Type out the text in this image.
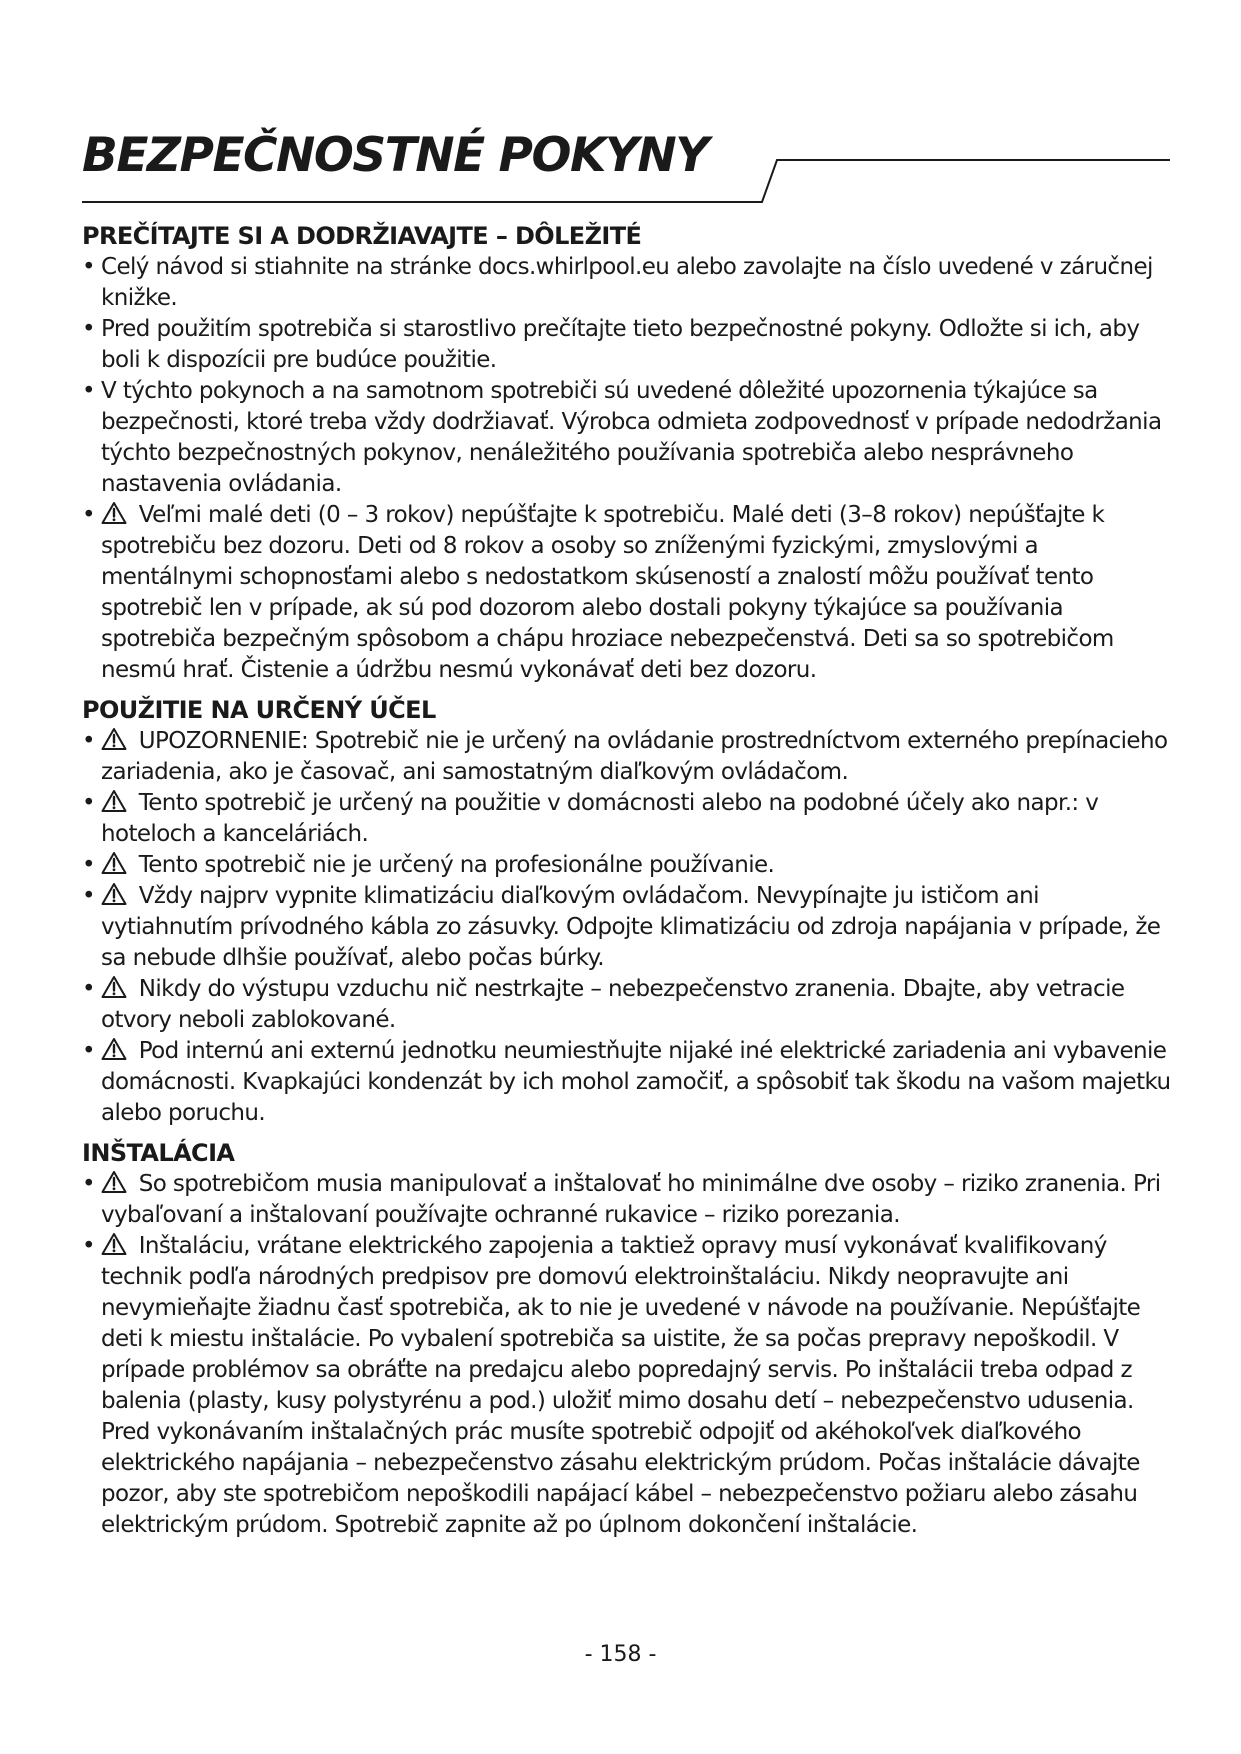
BEZPEČNOSTNÉ POKYNY
PREČÍTAJTE SI A DODRŽIAVAJTE – DÔLEŽITÉ
• Celý návod si stiahnite na stránke docs.whirlpool.eu alebo zavolajte na číslo uvedené v záručnej knižke.
• Pred použitím spotrebiča si starostlivo prečítajte tieto bezpečnostné pokyny. Odložte si ich, aby boli k dispozícii pre budúce použitie.
• V týchto pokynoch a na samotnom spotrebiči sú uvedené dôležité upozornenia týkajúce sa bezpečnosti, ktoré treba vždy dodržiavať. Výrobca odmieta zodpovednosť v prípade nedodržania týchto bezpečnostných pokynov, nenáležitého používania spotrebiča alebo nesprávneho nastavenia ovládania.
• Veľmi malé deti (0 – 3 rokov) nepúšťajte k spotrebiču. Malé deti (3–8 rokov) nepúšťajte k spotrebiču bez dozoru. Deti od 8 rokov a osoby so zníženými fyzickými, zmyslovými a mentálnymi schopnosťami alebo s nedostatkom skúseností a znalostí môžu používať tento spotrebič len v prípade, ak sú pod dozorom alebo dostali pokyny týkajúce sa používania spotrebiča bezpečným spôsobom a chápu hroziace nebezpečenstvá. Deti sa so spotrebičom nesmú hrať. Čistenie a údržbu nesmú vykonávať deti bez dozoru.
POUŽITIE NA URČENÝ ÚČEL
• UPOZORNENIE: Spotrebič nie je určený na ovládanie prostredníctvom externého prepínacieho zariadenia, ako je časovač, ani samostatným diaľkovým ovládačom.
• Tento spotrebič je určený na použitie v domácnosti alebo na podobné účely ako napr.: v hoteloch a kanceláriách.
• Tento spotrebič nie je určený na profesionálne používanie.
• Vždy najprv vypnite klimatizáciu diaľkovým ovládačom. Nevypínajte ju ističom ani vytiahnutím prívodného kábla zo zásuvky. Odpojte klimatizáciu od zdroja napájania v prípade, že sa nebude dlhšie používať, alebo počas búrky.
• Nikdy do výstupu vzduchu nič nestrkajte – nebezpečenstvo zranenia. Dbajte, aby vetracie otvory neboli zablokované.
• Pod internú ani externú jednotku neumiestňujte nijaké iné elektrické zariadenia ani vybavenie domácnosti. Kvapkajúci kondenzát by ich mohol zamočiť, a spôsobiť tak škodu na vašom majetku alebo poruchu.
INŠTALÁCIA
• So spotrebičom musia manipulovať a inštalovať ho minimálne dve osoby – riziko zranenia. Pri vybaľovaní a inštalovaní používajte ochranné rukavice – riziko porezania.
• Inštaláciu, vrátane elektrického zapojenia a taktiež opravy musí vykonávať kvalifikovaný technik podľa národných predpisov pre domovú elektroinštaláciu. Nikdy neopravujte ani nevymieňajte žiadnu časť spotrebiča, ak to nie je uvedené v návode na používanie. Nepúšťajte deti k miestu inštalácie. Po vybalení spotrebiča sa uistite, že sa počas prepravy nepoškodil. V prípade problémov sa obráťte na predajcu alebo popredajný servis. Po inštalácii treba odpad z balenia (plasty, kusy polystyrénu a pod.) uložiť mimo dosahu detí – nebezpečenstvo udusenia. Pred vykonávaním inštalačných prác musíte spotrebič odpojiť od akéhokoľvek diaľkového elektrického napájania – nebezpečenstvo zásahu elektrickým prúdom. Počas inštalácie dávajte pozor, aby ste spotrebičom nepoškodili napájací kábel – nebezpečenstvo požiaru alebo zásahu elektrickým prúdom. Spotrebič zapnite až po úplnom dokončení inštalácie.
- 158 -
